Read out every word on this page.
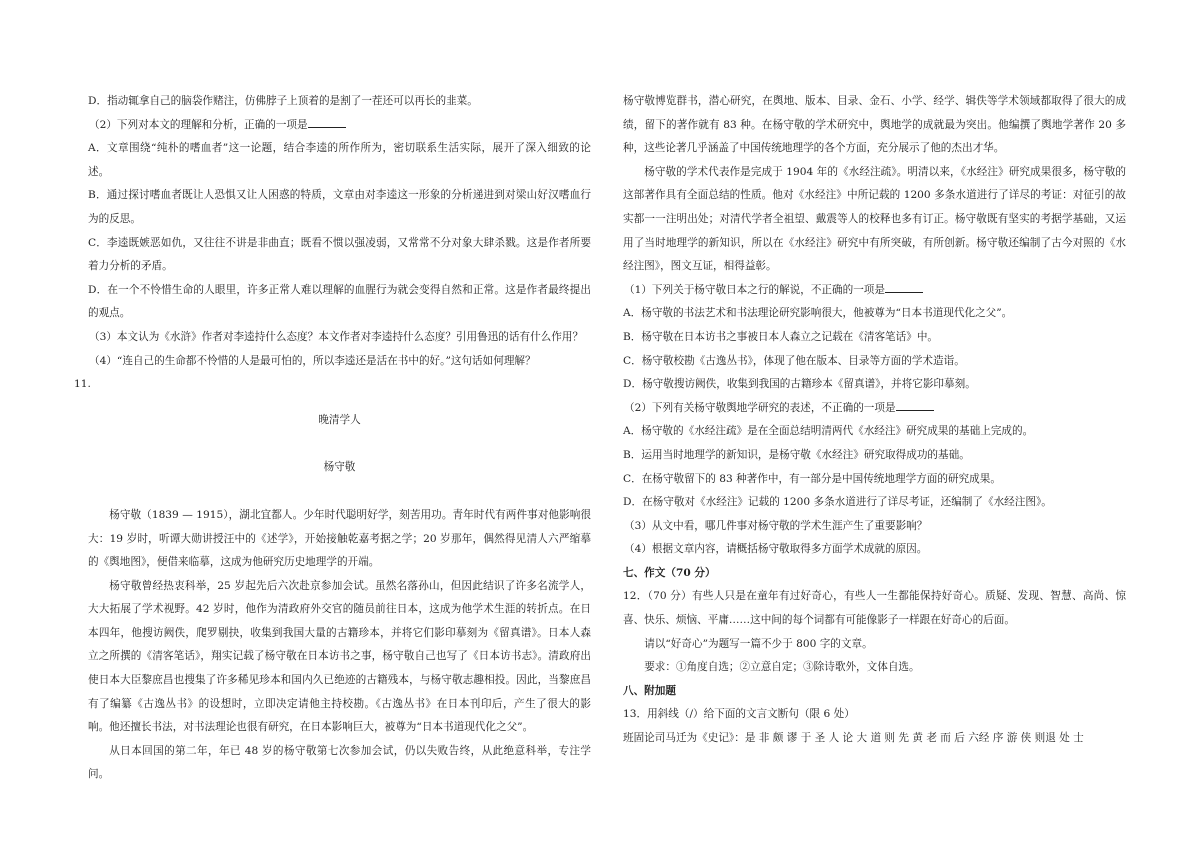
D．指动辄拿自己的脑袋作赌注，仿佛脖子上顶着的是割了一茬还可以再长的韭菜。

（2）下列对本文的理解和分析，正确的一项是

A．文章围绕“纯朴的嗜血者”这一论题，结合李逵的所作所为，密切联系生活实际，展开了深入细致的论述。

B．通过探讨嗜血者既让人恐惧又让人困惑的特质，文章由对李逵这一形象的分析递进到对梁山好汉嗜血行为的反思。

C．李逵既嫉恶如仇，又往往不讲是非曲直；既看不惯以强凌弱，又常常不分对象大肆杀戮。这是作者所要着力分析的矛盾。

D．在一个不怜惜生命的人眼里，许多正常人难以理解的血腥行为就会变得自然和正常。这是作者最终提出的观点。

（3）本文认为《水浒》作者对李逵持什么态度？本文作者对李逵持什么态度？引用鲁迅的话有什么作用？

（4）“连自己的生命都不怜惜的人是最可怕的，所以李逵还是活在书中的好。”这句话如何理解？

11.

晚清学人

杨守敬

杨守敬（1839 — 1915），湖北宜都人。少年时代聪明好学，刻苦用功。青年时代有两件事对他影响很大：19 岁时，听谭大勋讲授汪中的《述学》，开始接触乾嘉考据之学；20 岁那年，偶然得见清人六严缩摹的《舆地图》，便借来临摹，这成为他研究历史地理学的开端。

杨守敬曾经热衷科举，25 岁起先后六次赴京参加会试。虽然名落孙山，但因此结识了许多名流学人，大大拓展了学术视野。42 岁时，他作为清政府外交官的随员前往日本，这成为他学术生涯的转折点。在日本四年，他搜访阙佚，爬罗剔抉，收集到我国大量的古籍珍本，并将它们影印摹刻为《留真谱》。日本人森立之所撰的《清客笔话》，翔实记载了杨守敬在日本访书之事，杨守敬自己也写了《日本访书志》。清政府出使日本大臣黎庶昌也搜集了许多稀见珍本和国内久已绝迹的古籍残本，与杨守敬志趣相投。因此，当黎庶昌有了编纂《古逸丛书》的设想时，立即决定请他主持校勘。《古逸丛书》在日本刊印后，产生了很大的影响。他还擅长书法，对书法理论也很有研究，在日本影响巨大，被尊为“日本书道现代化之父”。

从日本回国的第二年，年已 48 岁的杨守敬第七次参加会试，仍以失败告终，从此绝意科举，专注学问。

杨守敬博览群书，潜心研究，在舆地、版本、目录、金石、小学、经学、辑佚等学术领域都取得了很大的成绩，留下的著作就有 83 种。在杨守敬的学术研究中，舆地学的成就最为突出。他编撰了舆地学著作 20 多种，这些论著几乎涵盖了中国传统地理学的各个方面，充分展示了他的杰出才华。

杨守敬的学术代表作是完成于 1904 年的《水经注疏》。明清以来，《水经注》研究成果很多，杨守敬的这部著作具有全面总结的性质。他对《水经注》中所记载的 1200 多条水道进行了详尽的考证：对征引的故实都一一注明出处；对清代学者全祖望、戴震等人的校释也多有订正。杨守敬既有坚实的考据学基础，又运用了当时地理学的新知识，所以在《水经注》研究中有所突破，有所创新。杨守敬还编制了古今对照的《水经注图》，图文互证，相得益彰。

（1）下列关于杨守敬日本之行的解说，不正确的一项是

A．杨守敬的书法艺术和书法理论研究影响很大，他被尊为“日本书道现代化之父”。

B．杨守敬在日本访书之事被日本人森立之记载在《清客笔话》中。

C．杨守敬校勘《古逸丛书》，体现了他在版本、目录等方面的学术造诣。

D．杨守敬搜访阙佚，收集到我国的古籍珍本《留真谱》，并将它影印摹刻。

（2）下列有关杨守敬舆地学研究的表述，不正确的一项是

A．杨守敬的《水经注疏》是在全面总结明清两代《水经注》研究成果的基础上完成的。

B．运用当时地理学的新知识，是杨守敬《水经注》研究取得成功的基础。

C．在杨守敬留下的 83 种著作中，有一部分是中国传统地理学方面的研究成果。

D．在杨守敬对《水经注》记载的 1200 多条水道进行了详尽考证，还编制了《水经注图》。

（3）从文中看，哪几件事对杨守敬的学术生涯产生了重要影响？

（4）根据文章内容，请概括杨守敬取得多方面学术成就的原因。

七、作文（70 分）

12．（70 分）有些人只是在童年有过好奇心，有些人一生都能保持好奇心。质疑、发现、智慧、高尚、惊　喜、快乐、烦恼、平庸……这中间的每个词都有可能像影子一样跟在好奇心的后面。

请以“好奇心”为题写一篇不少于 800 字的文章。

要求：①角度自选；②立意自定；③除诗歌外，文体自选。

八、附加题

13．用斜线（/）给下面的文言文断句（限 6 处）

班固论司马迁为《史记》：是 非 颇 谬 于 圣 人 论 大 道 则 先 黄 老 而 后 六经 序 游 侠 则退 处 士
